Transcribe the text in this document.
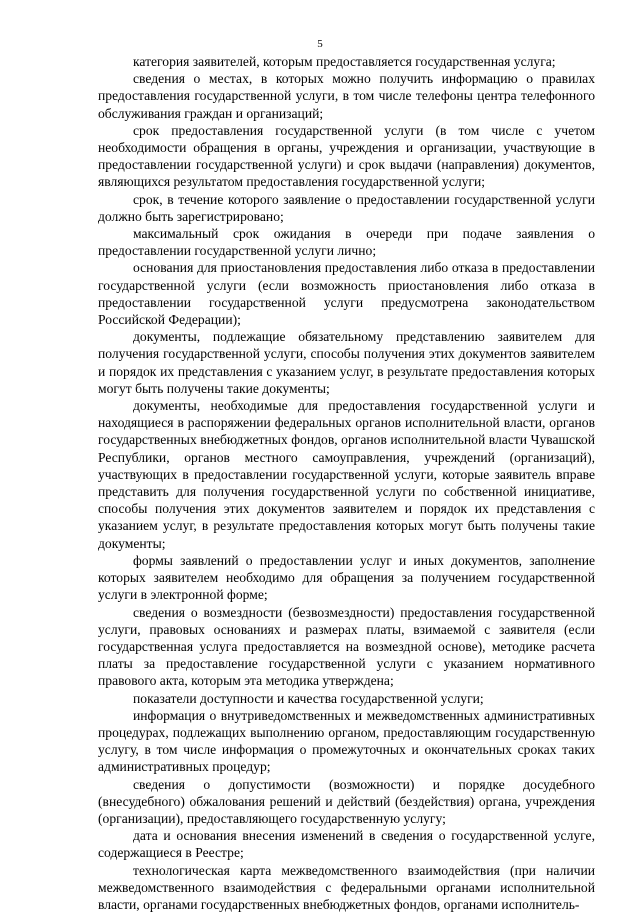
5

категория заявителей, которым предоставляется государственная услуга;

сведения о местах, в которых можно получить информацию о правилах предоставления государственной услуги, в том числе телефоны центра телефонного обслуживания граждан и организаций;

срок предоставления государственной услуги (в том числе с учетом необходимости обращения в органы, учреждения и организации, участвующие в предоставлении государственной услуги) и срок выдачи (направления) документов, являющихся результатом предоставления государственной услуги;

срок, в течение которого заявление о предоставлении государственной услуги должно быть зарегистрировано;

максимальный срок ожидания в очереди при подаче заявления о предоставлении государственной услуги лично;

основания для приостановления предоставления либо отказа в предоставлении государственной услуги (если возможность приостановления либо отказа в предоставлении государственной услуги предусмотрена законодательством Российской Федерации);

документы, подлежащие обязательному представлению заявителем для получения государственной услуги, способы получения этих документов заявителем и порядок их представления с указанием услуг, в результате предоставления которых могут быть получены такие документы;

документы, необходимые для предоставления государственной услуги и находящиеся в распоряжении федеральных органов исполнительной власти, органов государственных внебюджетных фондов, органов исполнительной власти Чувашской Республики, органов местного самоуправления, учреждений (организаций), участвующих в предоставлении государственной услуги, которые заявитель вправе представить для получения государственной услуги по собственной инициативе, способы получения этих документов заявителем и порядок их представления с указанием услуг, в результате предоставления которых могут быть получены такие документы;

формы заявлений о предоставлении услуг и иных документов, заполнение которых заявителем необходимо для обращения за получением государственной услуги в электронной форме;

сведения о возмездности (безвозмездности) предоставления государственной услуги, правовых основаниях и размерах платы, взимаемой с заявителя (если государственная услуга предоставляется на возмездной основе), методике расчета платы за предоставление государственной услуги с указанием нормативного правового акта, которым эта методика утверждена;

показатели доступности и качества государственной услуги;

информация о внутриведомственных и межведомственных административных процедурах, подлежащих выполнению органом, предоставляющим государственную услугу, в том числе информация о промежуточных и окончательных сроках таких административных процедур;

сведения о допустимости (возможности) и порядке досудебного (внесудебного) обжалования решений и действий (бездействия) органа, учреждения (организации), предоставляющего государственную услугу;

дата и основания внесения изменений в сведения о государственной услуге, содержащиеся в Реестре;

технологическая карта межведомственного взаимодействия (при наличии межведомственного взаимодействия с федеральными органами исполнительной власти, органами государственных внебюджетных фондов, органами исполнитель-
